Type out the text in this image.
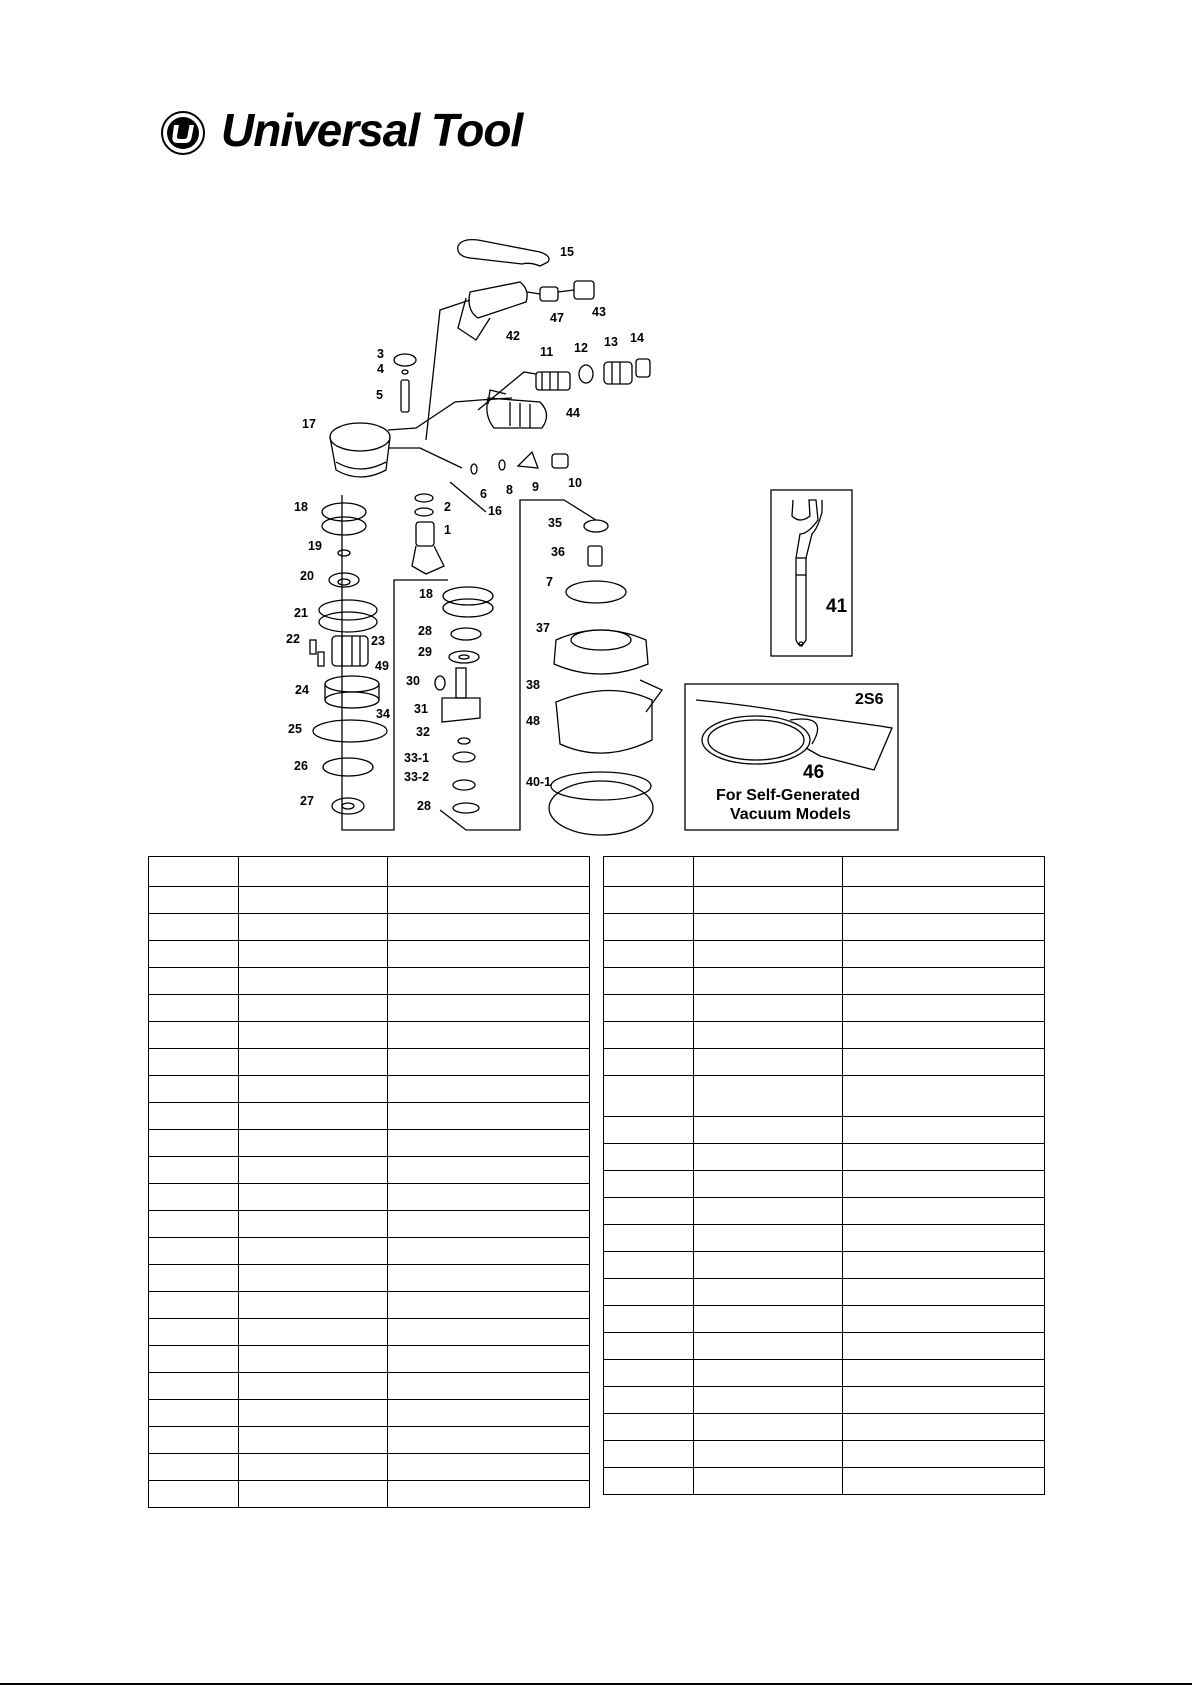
Universal Tool
15
42
47 43
3
4
5
11 12 13 14
44
17
6 8 9 10
18	2	16
1
19
35
36
20	7
21
18
22	23
28	37
49
29
24
30	38
31
34	48
25	32
33-1
26
33-2	40-1
27	28
41
2S6
46
For Self-Generated
Vacuum Models
